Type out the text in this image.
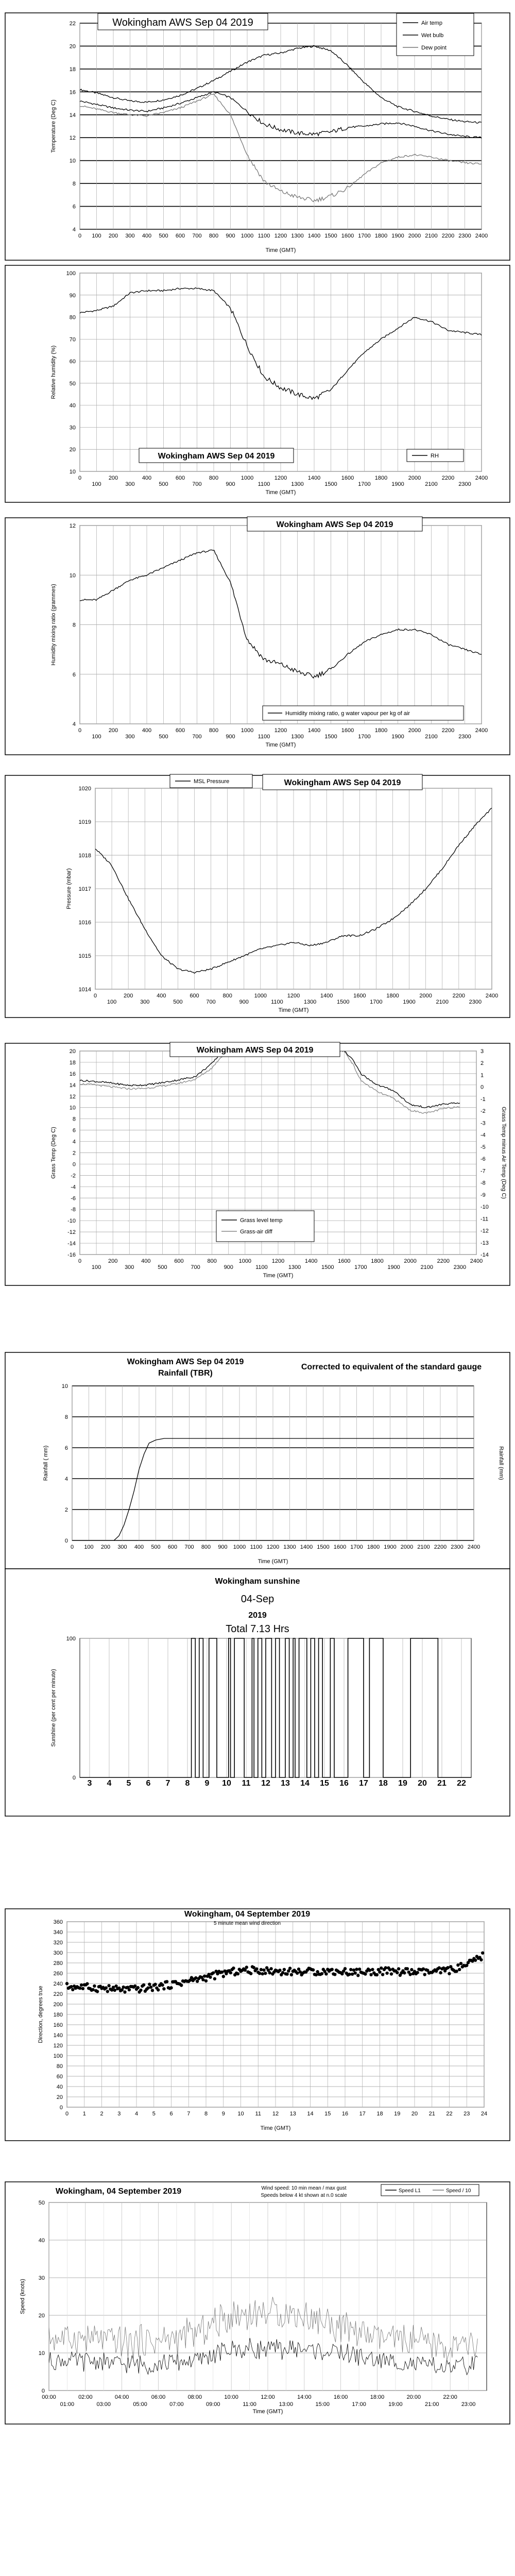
4
6
8
10
12
14
16
18
20
22
0 100 200 300 400 500 600 700 800 900 1000 1100 1200 1300 1400 1500 1600 1700 1800 1900 2000 2100 2200 2300 2400
Time (GMT)
Temperature (Deg C)
Wokingham AWS Sep 04 2019	Air temp
Wet bulb
Dew point
10
20
30
40
50
60
70
80
90
100
0
100
200
300
400
500
600
700
800
900
1000
1100
1200
1300
1400
1500
1600
1700
1800
1900
2000
2100
2200
2300
2400
Time (GMT)
Relative humidity (%)
Wokingham AWS Sep 04 2019	RH
4
6
8
10
12
0
100
200
300
400
500
600
700
800
900
1000
1100
1200
1300
1400
1500
1600
1700
1800
1900
2000
2100
2200
2300
2400
Time (GMT)
Humidity mixing ratio (grammes)
Wokingham AWS Sep 04 2019
Humidity mixing ratio, g water vapour per kg of air
1014
1015
1016
1017
1018
1019
1020
0
100
200
300
400
500
600
700
800
900
1000
1100
1200
1300
1400
1500
1600
1700
1800
1900
2000
2100
2200
2300
2400
Time (GMT)
Pressure (mbar)
MSL Pressure	Wokingham AWS Sep 04 2019
-16
-14
-12
-10
-8
-6
-4
-2
0
2
4
6
8
10
12
14
16
18
20
-14
-13
-12
-11
-10
-9
-8
-7
-6
-5
-4
-3
-2
-1
0
1
2
3
0
100
200
300
400
500
600
700
800
900
1000
1100
1200
1300
1400
1500
1600
1700
1800
1900
2000
2100
2200
2300
2400
Time (GMT)
Grass Temp (Deg C)	Grass Temp minus Air Temp (Deg C)
Wokingham AWS Sep 04 2019
Grass level temp
Grass-air diff
0
2
4
6
8
10
0 100 200 300 400 500 600 700 800 900 1000 1100 1200 1300 1400 1500 1600 1700 1800 1900 2000 2100 2200 2300 2400
Time (GMT)
Rainfall ( mm)	Rainfall (mm)
Wokingham AWS Sep 04 2019
Rainfall (TBR)
Corrected to equivalent of the standard gauge
0
100
3 4 5 6 7 8 9 10 11 12 13 14 15 16 17 18 19 20 21 22
Sunshine (per cent per minute)
Wokingham sunshine
04-Sep
2019
Total 7.13 Hrs
0
20
40
60
80
100
120
140
160
180
200
220
240
260
280
300
320
340
360
0	1	2	3	4	5	6	7	8	9 10 11 12 13 14 15 16 17 18 19 20 21 22 23 24
Time (GMT)
Direction, degrees true
Wokingham, 04 September 2019
5 minute mean wind direction
0
10
20
30
40
50
00:00	02:00	04:00	06:00	08:00	10:00	12:00	14:00	16:00	18:00	20:00	22:00
01:00	03:00	05:00	07:00	09:00	11:00	13:00	15:00	17:00	19:00	21:00	23:00
Time (GMT)
Speed (knots)
Wokingham, 04 September 2019	Wind speed: 10 min mean / max gust
Speeds below 4 kt shown at n.0 scale
Speed L1	Speed / 10
